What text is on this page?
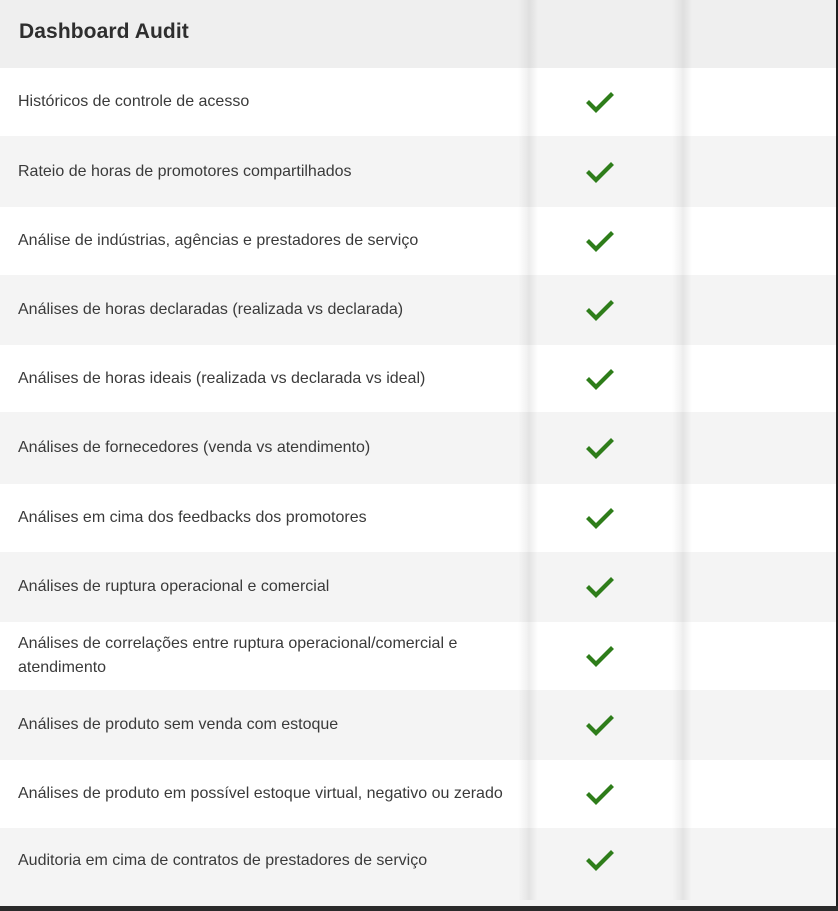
Dashboard Audit
Históricos de controle de acesso
Rateio de horas de promotores compartilhados
Análise de indústrias, agências e prestadores de serviço
Análises de horas declaradas (realizada vs declarada)
Análises de horas ideais (realizada vs declarada vs ideal)
Análises de fornecedores (venda vs atendimento)
Análises em cima dos feedbacks dos promotores
Análises de ruptura operacional e comercial
Análises de correlações entre ruptura operacional/comercial e atendimento
Análises de produto sem venda com estoque
Análises de produto em possível estoque virtual, negativo ou zerado
Auditoria em cima de contratos de prestadores de serviço
